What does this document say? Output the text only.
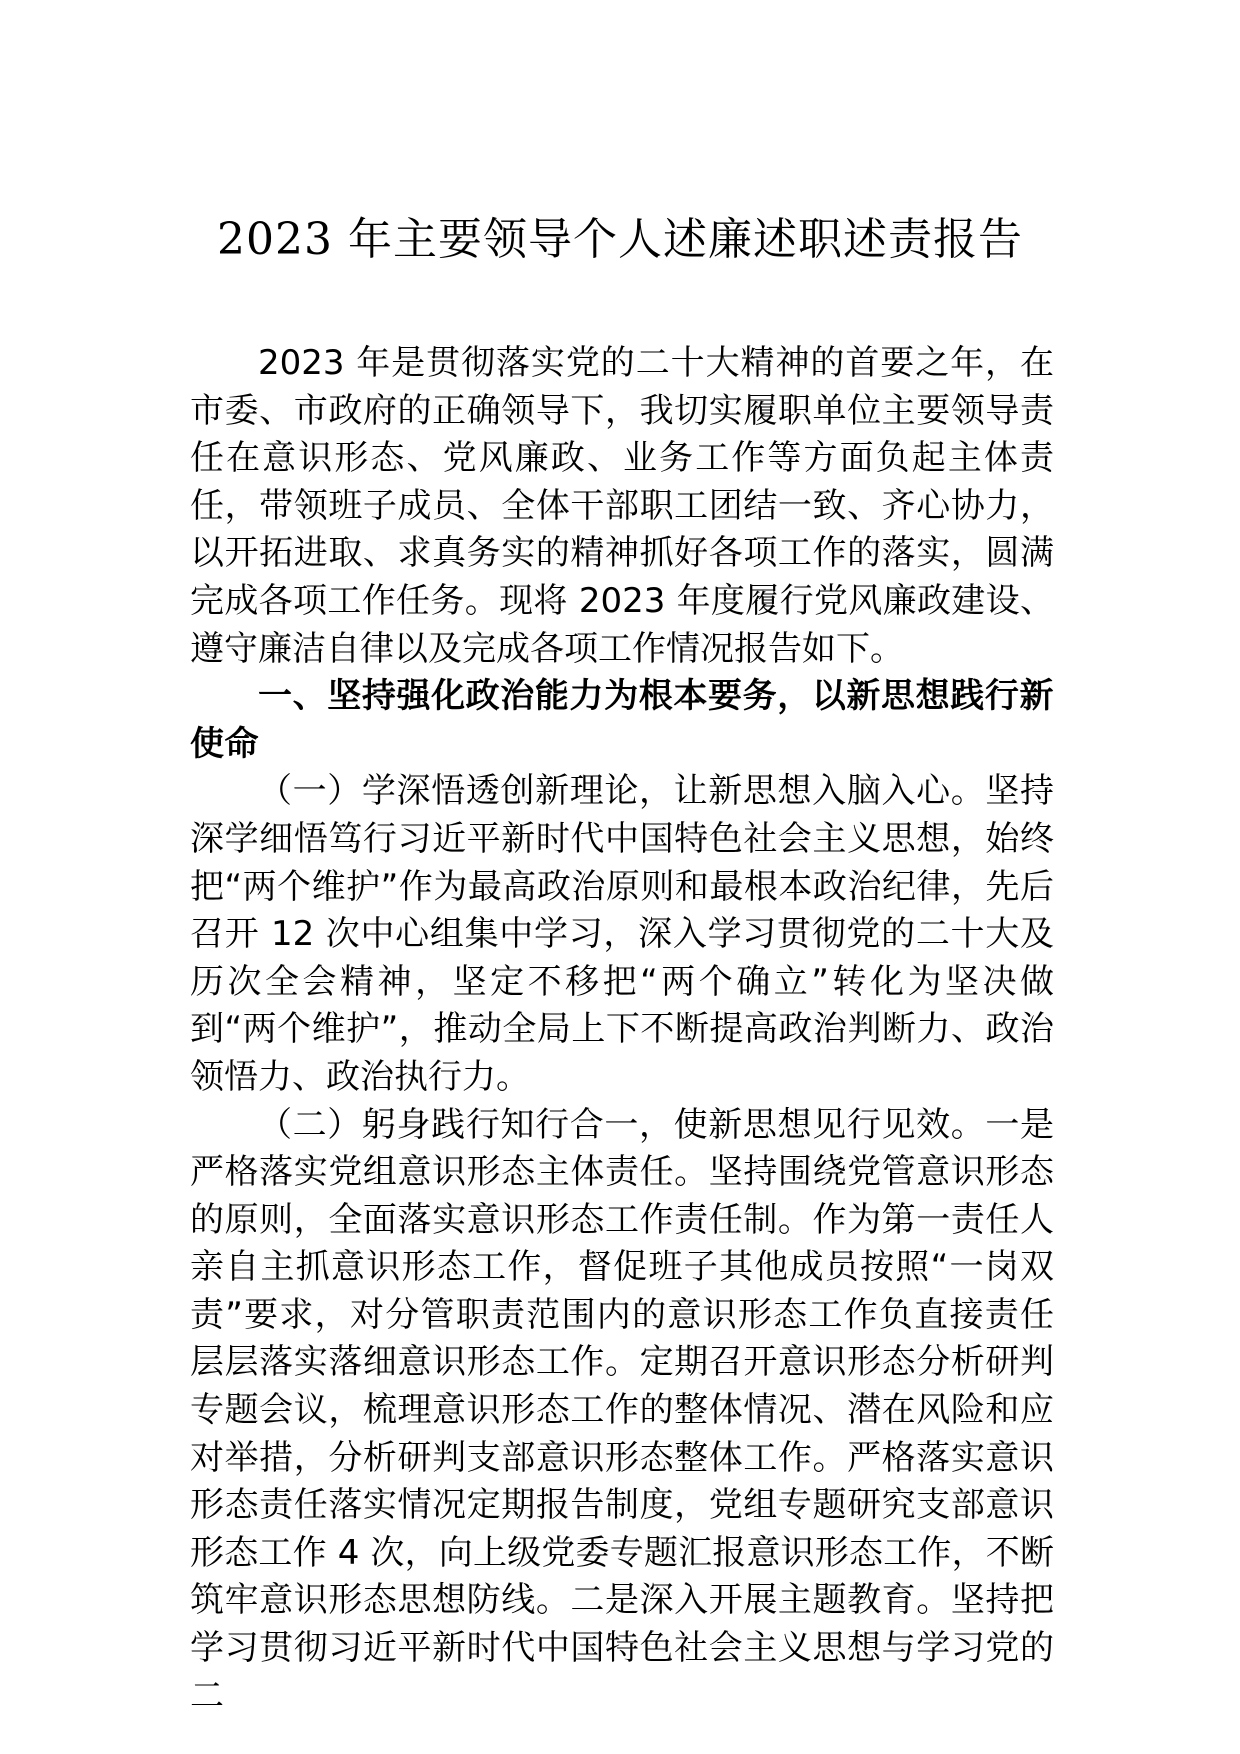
2023 年主要领导个人述廉述职述责报告

2023 年是贯彻落实党的二十大精神的首要之年，在市委、市政府的正确领导下，我切实履职单位主要领导责任在意识形态、党风廉政、业务工作等方面负起主体责任，带领班子成员、全体干部职工团结一致、齐心协力，以开拓进取、求真务实的精神抓好各项工作的落实，圆满完成各项工作任务。现将 2023 年度履行党风廉政建设、遵守廉洁自律以及完成各项工作情况报告如下。

一、坚持强化政治能力为根本要务，以新思想践行新使命

（一）学深悟透创新理论，让新思想入脑入心。坚持深学细悟笃行习近平新时代中国特色社会主义思想，始终把“两个维护”作为最高政治原则和最根本政治纪律，先后召开 12 次中心组集中学习，深入学习贯彻党的二十大及历次全会精神，坚定不移把“两个确立”转化为坚决做到“两个维护”，推动全局上下不断提高政治判断力、政治领悟力、政治执行力。

（二）躬身践行知行合一，使新思想见行见效。一是严格落实党组意识形态主体责任。坚持围绕党管意识形态的原则，全面落实意识形态工作责任制。作为第一责任人亲自主抓意识形态工作，督促班子其他成员按照“一岗双责”要求，对分管职责范围内的意识形态工作负直接责任层层落实落细意识形态工作。定期召开意识形态分析研判专题会议，梳理意识形态工作的整体情况、潜在风险和应对举措，分析研判支部意识形态整体工作。严格落实意识形态责任落实情况定期报告制度，党组专题研究支部意识形态工作 4 次，向上级党委专题汇报意识形态工作，不断筑牢意识形态思想防线。二是深入开展主题教育。坚持把学习贯彻习近平新时代中国特色社会主义思想与学习党的二
